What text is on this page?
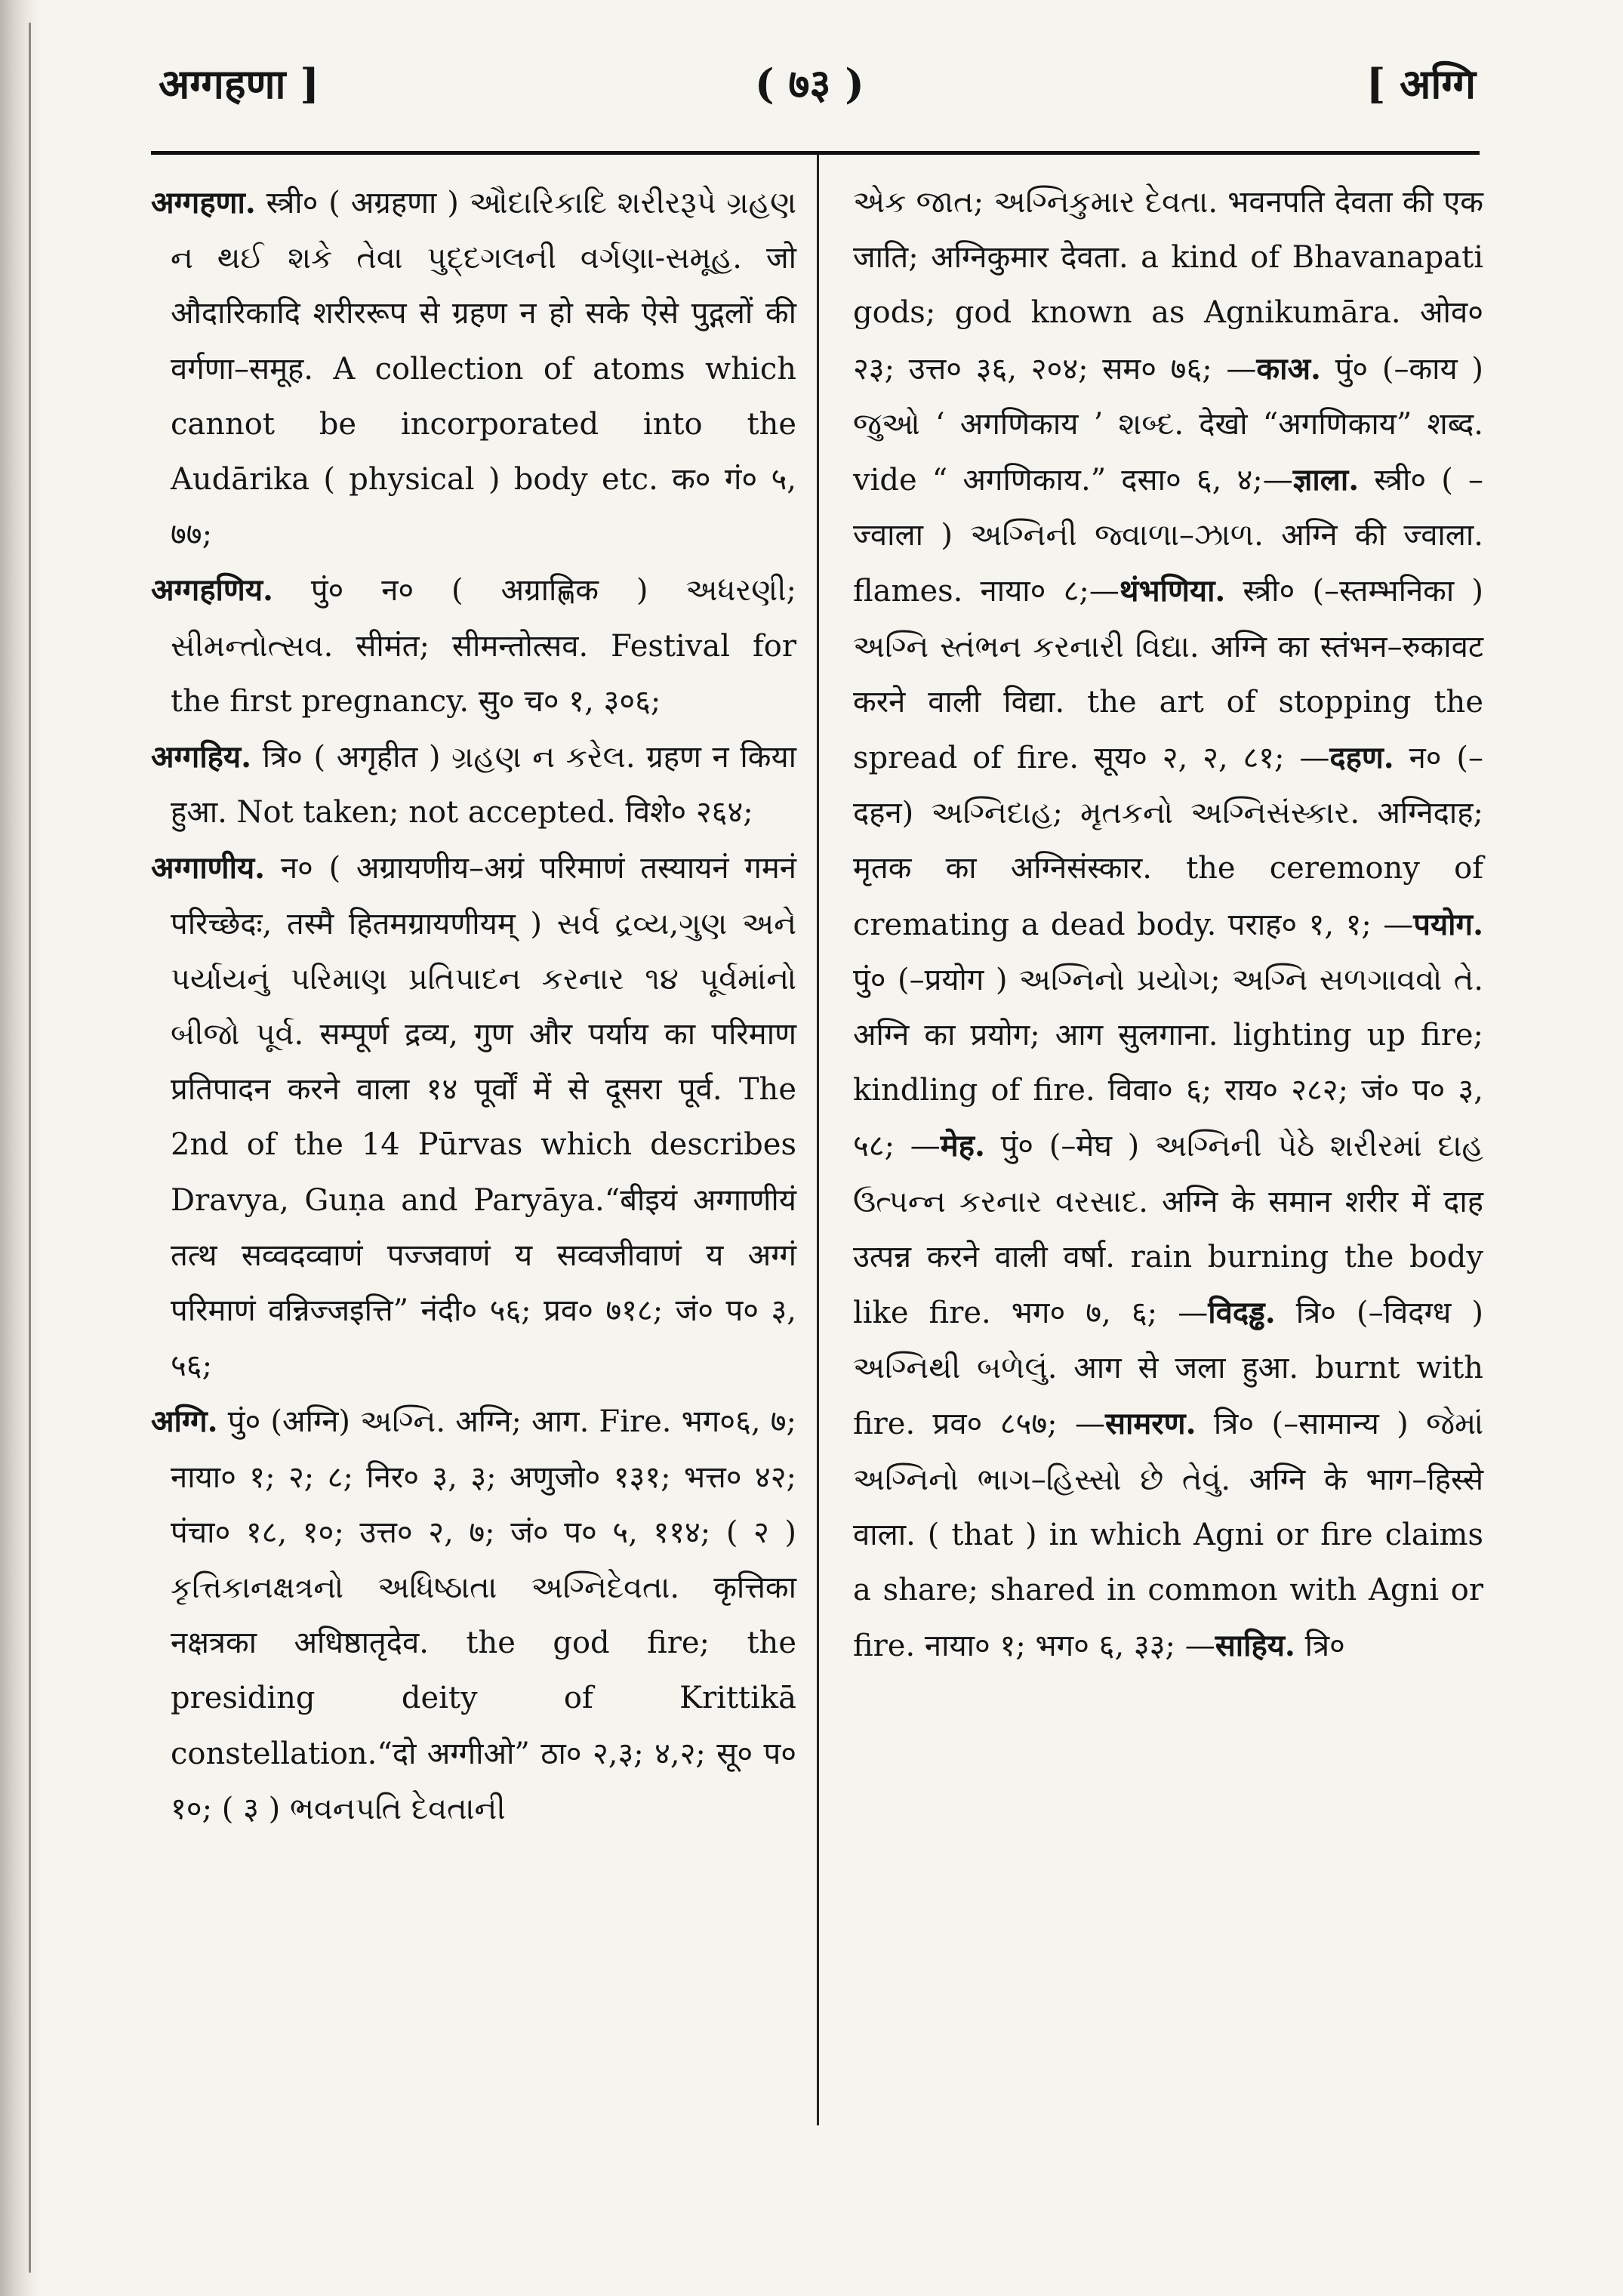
अग्गहणा ]	( ७३ )	[ अग्गि
अग्गहणा. स्त्री० ( अग्रहणा ) ઔદારિકાદિ શરીરરૂપે ગ્રહણ ન થઈ શકે તેવા પુદ્દગલની વર્ગણા-સમૂહ. जो औदारिकादि शरीररूप से ग्रहण न हो सके ऐसे पुद्गलों की वर्गणा–समूह. A collection of atoms which cannot be incorporated into the Audārika ( physical ) body etc. क० गं० ५, ७७;
अग्गहणिय. पुं० न० ( अग्राह्णिक ) અધરણી; સીમન્તોત્સવ. सीमंत; सीमन्तोत्सव. Festival for the first pregnancy. सु० च० १, ३०६;
अग्गहिय. त्रि० ( अगृहीत ) ગ્રહણ ન કરેલ. ग्रहण न किया हुआ. Not taken; not accepted. विशे० २६४;
अग्गाणीय. न० ( अग्रायणीय–अग्रं परिमाणं तस्यायनं गमनं परिच्छेदः, तस्मै हितमग्रायणीयम् ) સર્વ દ્રવ્ય,ગુણ અને પર્યાયનું પરિમાણ પ્રતિપાદન કરનાર ૧૪ પૂર્વમાંનો બીજો પૂર્વ. सम्पूर्ण द्रव्य, गुण और पर्याय का परिमाण प्रतिपादन करने वाला १४ पूर्वों में से दूसरा पूर्व. The 2nd of the 14 Pūrvas which describes Dravya, Guṇa and Paryāya.“बीइयं अग्गाणीयं तत्थ सव्वदव्वाणं पज्जवाणं य सव्वजीवाणं य अग्गं परिमाणं वन्निज्जइत्ति” नंदी० ५६; प्रव० ७१८; जं० प० ३, ५६;
अग्गि. पुं० (अग्नि) અગ્નિ. अग्नि; आग. Fire. भग०६, ७; नाया० १; २; ८; निर० ३, ३; अणुजो० १३१; भत्त० ४२; पंचा० १८, १०; उत्त० २, ७; जं० प० ५, ११४; ( २ ) કૃત્તિકાનક્ષત્રનો અધિષ્ઠાતા અગ્નિદેવતા. कृत्तिका नक्षत्रका अधिष्ठातृदेव. the god fire; the presiding deity of Krittikā constellation.“दो अग्गीओ” ठा० २,३; ४,२; सू० प० १०; ( ३ ) ભવનપતિ દેવતાની
એક જાત; અગ્નિકુમાર દેવતા. भवनपति देवता की एक जाति; अग्निकुमार देवता. a kind of Bhavanapati gods; god known as Agnikumāra. ओव० २३; उत्त० ३६, २०४; सम० ७६; —काअ. पुं० (–काय ) જુઓ ‘ अगणिकाय ’ શબ્દ. देखो “अगणिकाय” शब्द. vide “ अगणिकाय.” दसा० ६, ४;—ज्ञाला. स्त्री० ( –ज्वाला ) અગ્નિની જ્વાળા–ઝાળ. अग्नि की ज्वाला. flames. नाया० ८;—थंभणिया. स्त्री० (–स्तम्भनिका ) અગ્નિ સ્તંભન કરનારી વિદ્યા. अग्नि का स्तंभन–रुकावट करने वाली विद्या. the art of stopping the spread of fire. सूय० २, २, ८१; —दहण. न० (–दहन) અગ્નિદાહ; મૃતકનો અગ્નિસંસ્કાર. अग्निदाह; मृतक का अग्निसंस्कार. the ceremony of cremating a dead body. पराह० १, १; —पयोग. पुं० (–प्रयोग ) અગ્નિનો પ્રયોગ; અગ્નિ સળગાવવો તે. अग्नि का प्रयोग; आग सुलगाना. lighting up fire; kindling of fire. विवा० ६; राय० २८२; जं० प० ३, ५८; —मेह. पुं० (–मेघ ) અગ્નિની પેઠે શરીરમાં દાહ ઉત્પન્ન કરનાર વરસાદ. अग्नि के समान शरीर में दाह उत्पन्न करने वाली वर्षा. rain burning the body like fire. भग० ७, ६; —विदड्ढ. त्रि० (–विदग्ध ) અગ્નિથી બળેલું. आग से जला हुआ. burnt with fire. प्रव० ८५७; —सामरण. त्रि० (–सामान्य ) જેમાં અગ્નિનો ભાગ–હિસ્સો છે તેવું. अग्नि के भाग–हिस्से वाला. ( that ) in which Agni or fire claims a share; shared in common with Agni or fire. नाया० १; भग० ६, ३३; —साहिय. त्रि०
